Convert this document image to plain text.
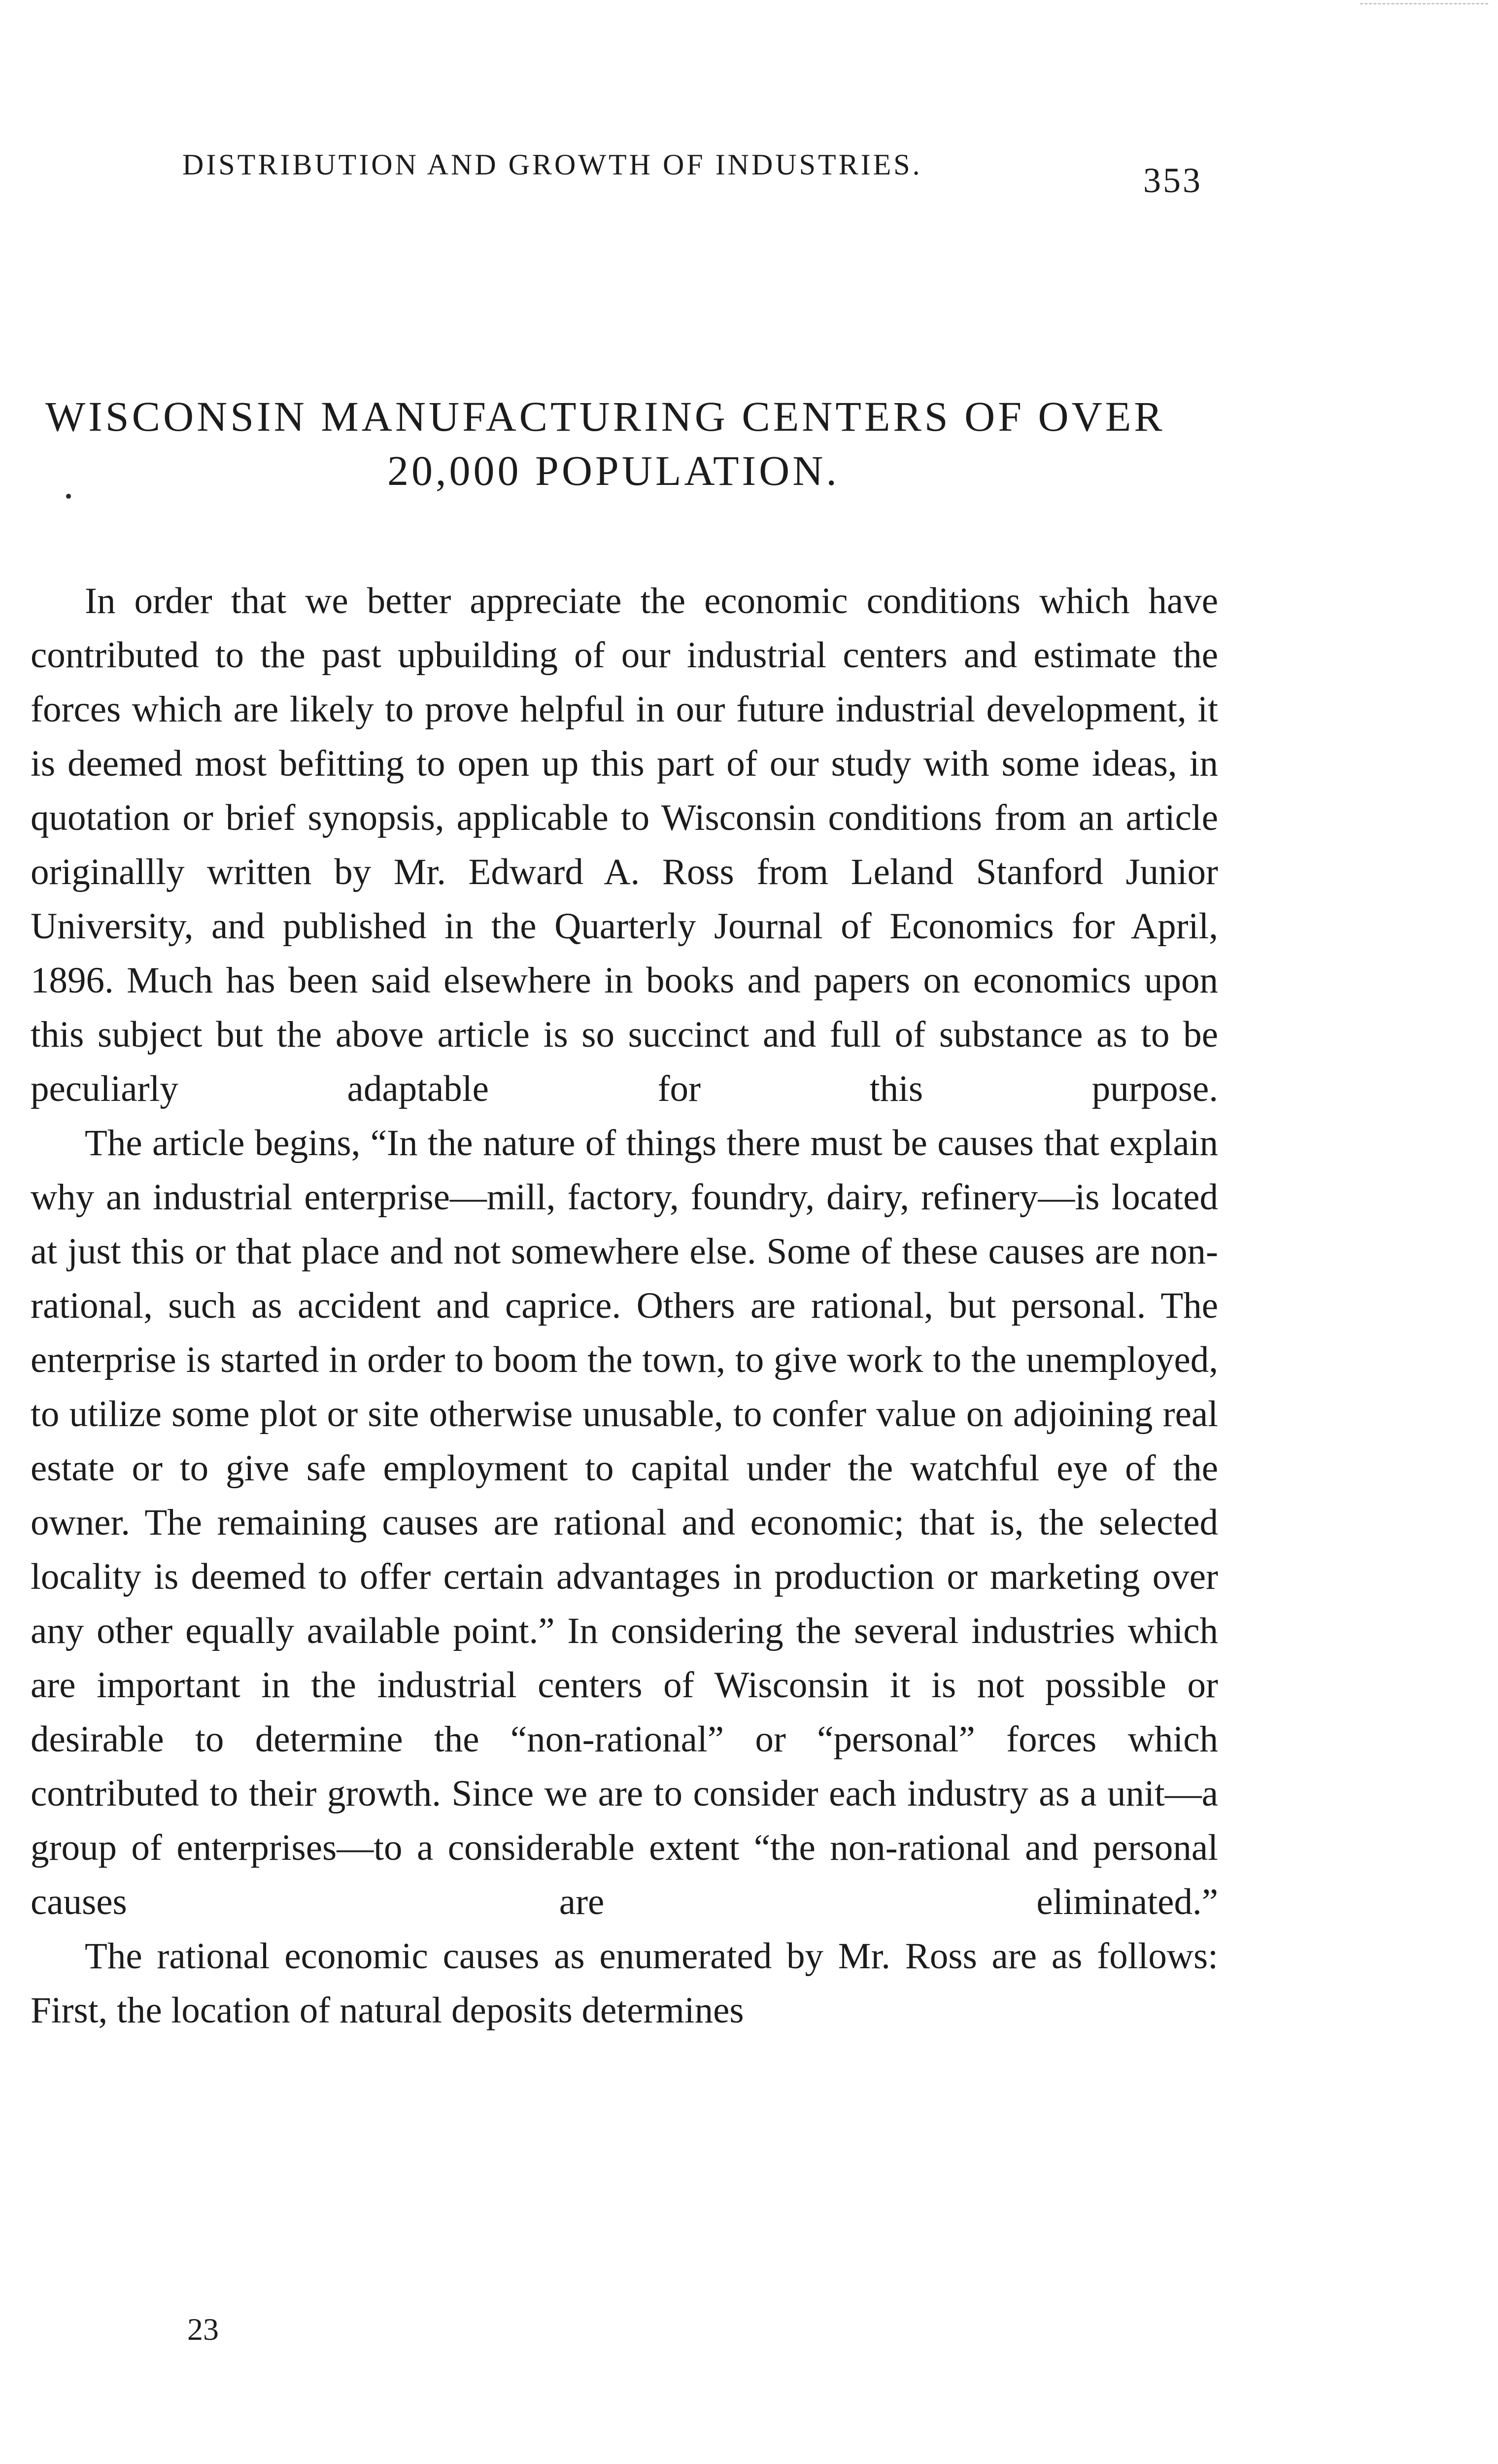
DISTRIBUTION AND GROWTH OF INDUSTRIES.	353
WISCONSIN MANUFACTURING CENTERS OF OVER
20,000 POPULATION.

In order that we better appreciate the economic conditions which have contributed to the past upbuilding of our industrial centers and estimate the forces which are likely to prove helpful in our future industrial development, it is deemed most befitting to open up this part of our study with some ideas, in quotation or brief synopsis, applicable to Wisconsin conditions from an article originallly written by Mr. Edward A. Ross from Leland Stanford Junior University, and published in the Quarterly Journal of Economics for April, 1896. Much has been said elsewhere in books and papers on economics upon this subject but the above article is so succinct and full of substance as to be peculiarly adaptable for this purpose.

The article begins, “In the nature of things there must be causes that explain why an industrial enterprise—mill, factory, foundry, dairy, refinery—is located at just this or that place and not somewhere else. Some of these causes are non-rational, such as accident and caprice. Others are rational, but personal. The enterprise is started in order to boom the town, to give work to the unemployed, to utilize some plot or site otherwise unusable, to confer value on adjoining real estate or to give safe employment to capital under the watchful eye of the owner. The remaining causes are rational and economic; that is, the selected locality is deemed to offer certain advantages in production or marketing over any other equally available point.” In considering the several industries which are important in the industrial centers of Wisconsin it is not possible or desirable to determine the “non-rational” or “personal” forces which contributed to their growth. Since we are to consider each industry as a unit—a group of enterprises—to a considerable extent “the non-rational and personal causes are eliminated.”

The rational economic causes as enumerated by Mr. Ross are as follows: First, the location of natural deposits determines

23
